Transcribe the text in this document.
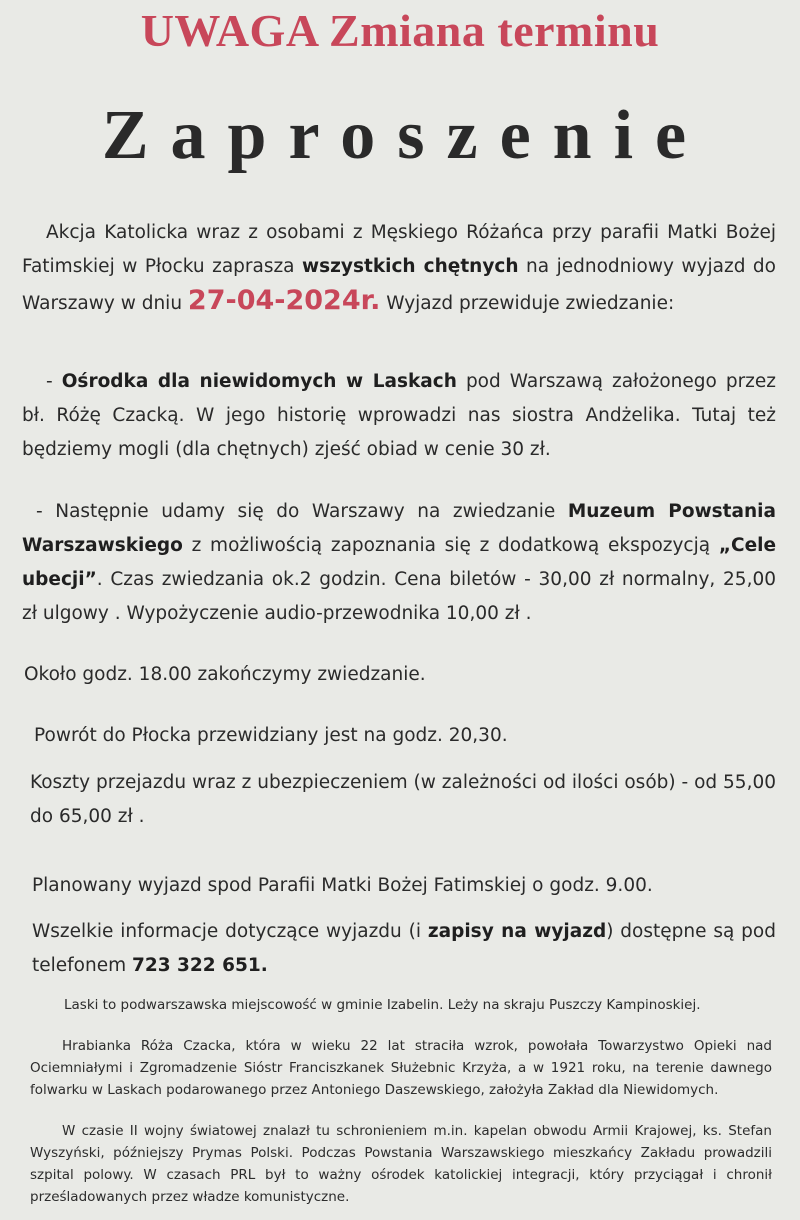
UWAGA Zmiana terminu
Zaproszenie
Akcja Katolicka wraz z osobami z Męskiego Różańca przy parafii Matki Bożej Fatimskiej w Płocku zaprasza wszystkich chętnych na jednodniowy wyjazd do Warszawy w dniu 27-04-2024r. Wyjazd przewiduje zwiedzanie:
- Ośrodka dla niewidomych w Laskach pod Warszawą założonego przez bł. Różę Czacką. W jego historię wprowadzi nas siostra Andżelika. Tutaj też będziemy mogli (dla chętnych) zjeść obiad w cenie 30 zł.
- Następnie udamy się do Warszawy na zwiedzanie Muzeum Powstania Warszawskiego z możliwością zapoznania się z dodatkową ekspozycją „Cele ubecji”. Czas zwiedzania ok.2 godzin. Cena biletów - 30,00 zł normalny, 25,00 zł ulgowy . Wypożyczenie audio-przewodnika 10,00 zł .
Około godz. 18.00 zakończymy zwiedzanie.
Powrót do Płocka przewidziany jest na godz. 20,30.
Koszty przejazdu wraz z ubezpieczeniem (w zależności od ilości osób) - od 55,00 do 65,00 zł .
Planowany wyjazd spod Parafii Matki Bożej Fatimskiej o godz. 9.00.
Wszelkie informacje dotyczące wyjazdu (i zapisy na wyjazd) dostępne są pod telefonem 723 322 651.
Laski to podwarszawska miejscowość w gminie Izabelin. Leży na skraju Puszczy Kampinoskiej.
Hrabianka Róża Czacka, która w wieku 22 lat straciła wzrok, powołała Towarzystwo Opieki nad Ociemniałymi i Zgromadzenie Sióstr Franciszkanek Służebnic Krzyża, a w 1921 roku, na terenie dawnego folwarku w Laskach podarowanego przez Antoniego Daszewskiego, założyła Zakład dla Niewidomych.
W czasie II wojny światowej znalazł tu schronieniem m.in. kapelan obwodu Armii Krajowej, ks. Stefan Wyszyński, późniejszy Prymas Polski. Podczas Powstania Warszawskiego mieszkańcy Zakładu prowadzili szpital polowy. W czasach PRL był to ważny ośrodek katolickiej integracji, który przyciągał i chronił prześladowanych przez władze komunistyczne.
